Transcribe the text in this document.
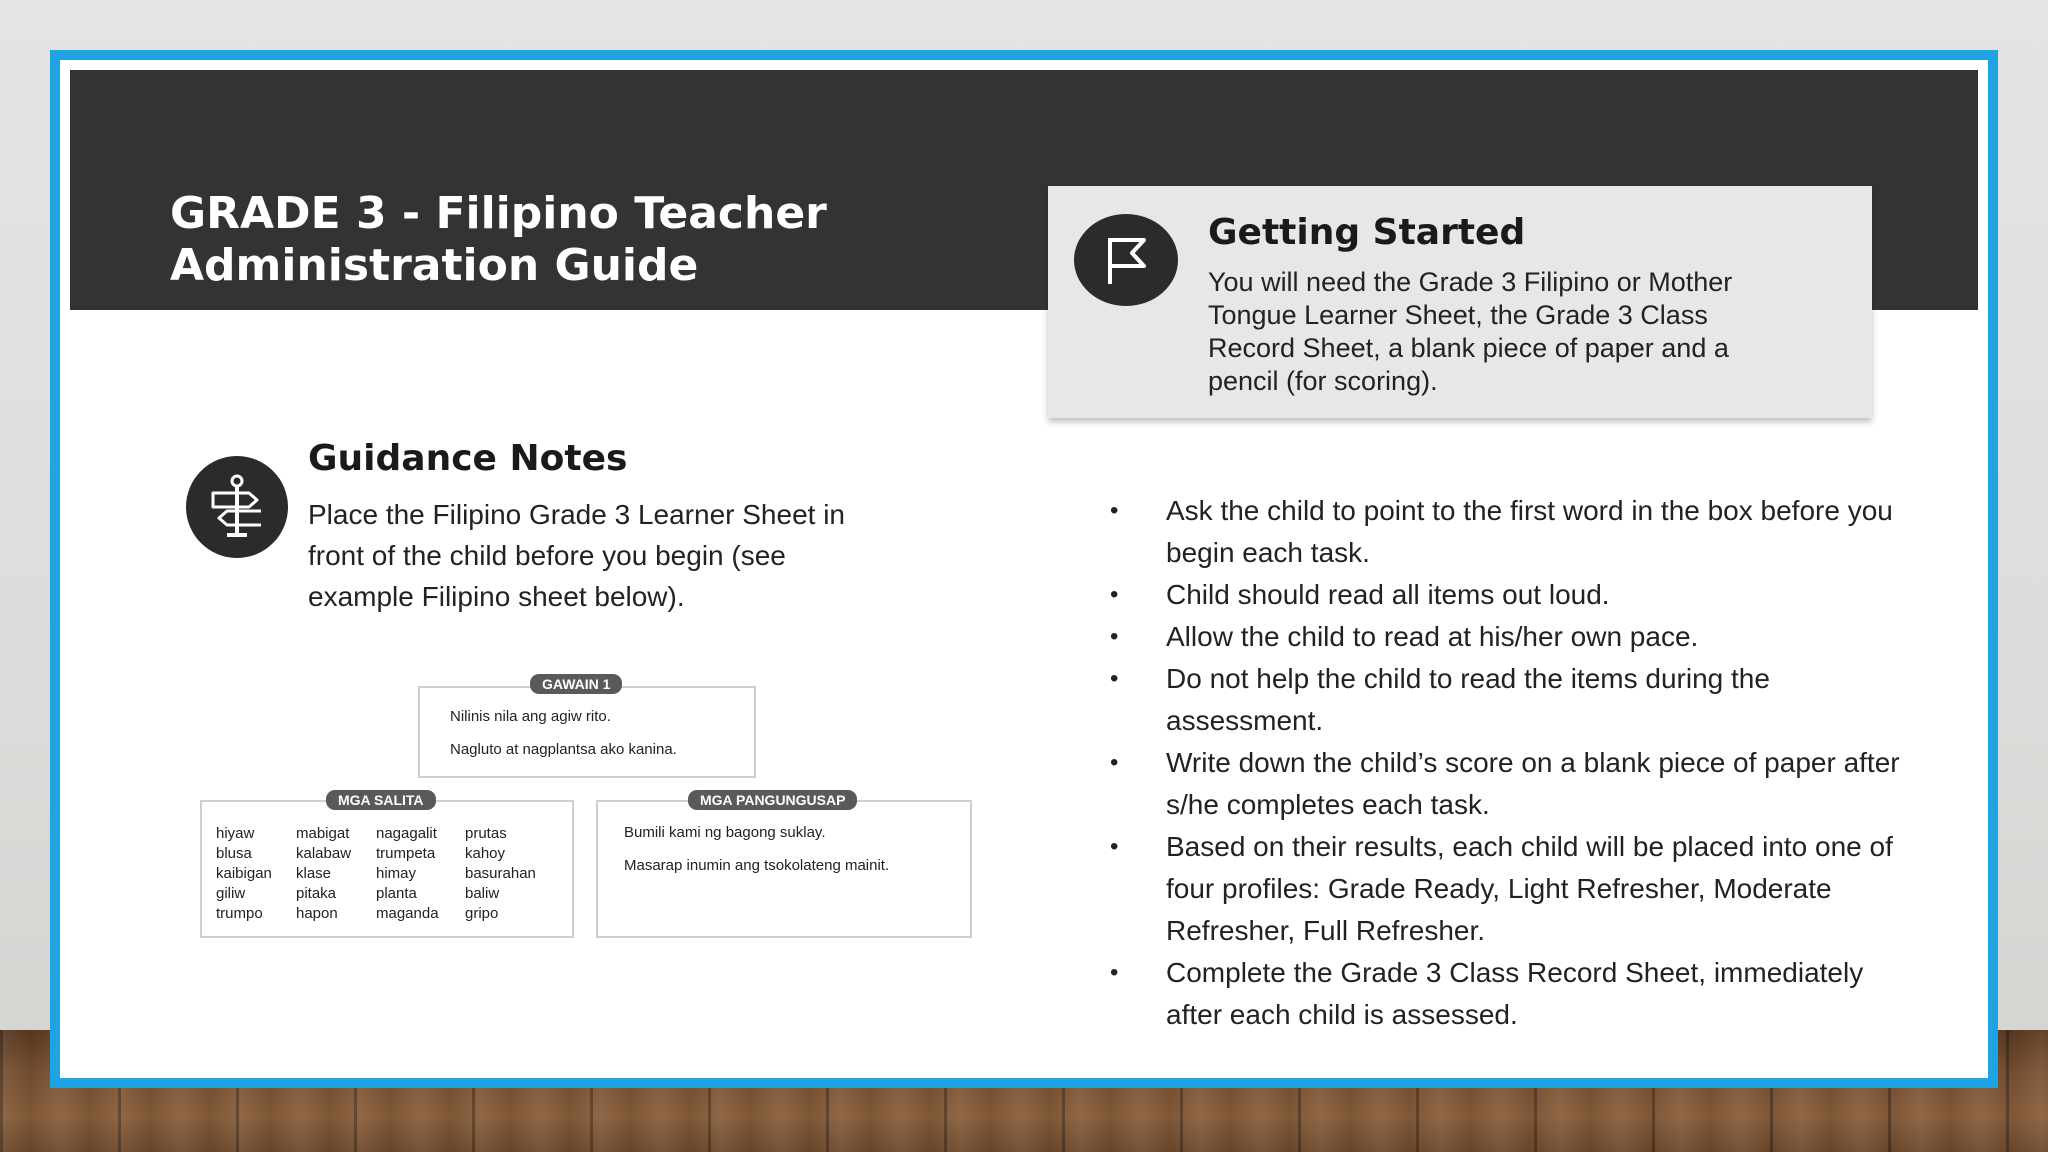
GRADE 3 - Filipino Teacher
Administration Guide
Getting Started

You will need the Grade 3 Filipino or Mother Tongue Learner Sheet, the Grade 3 Class Record Sheet, a blank piece of paper and a pencil (for scoring).

Guidance Notes

Place the Filipino Grade 3 Learner Sheet in front of the child before you begin (see example Filipino sheet below).

Nilinis nila ang agiw rito.

Nagluto at nagplantsa ako kanina.

GAWAIN 1
hiyaw
blusa
kaibigan
giliw
trumpo
mabigat
kalabaw
klase
pitaka
hapon
nagagalit
trumpeta
himay
planta
maganda
prutas
kahoy
basurahan
baliw
gripo
MGA SALITA

Bumili kami ng bagong suklay.

Masarap inumin ang tsokolateng mainit.

MGA PANGUNGUSAP
• Ask the child to point to the first word in the box before you begin each task.
• Child should read all items out loud.
• Allow the child to read at his/her own pace.
• Do not help the child to read the items during the assessment.
• Write down the child’s score on a blank piece of paper after s/he completes each task.
• Based on their results, each child will be placed into one of four profiles: Grade Ready, Light Refresher, Moderate Refresher, Full Refresher.
• Complete the Grade 3 Class Record Sheet, immediately after each child is assessed.
